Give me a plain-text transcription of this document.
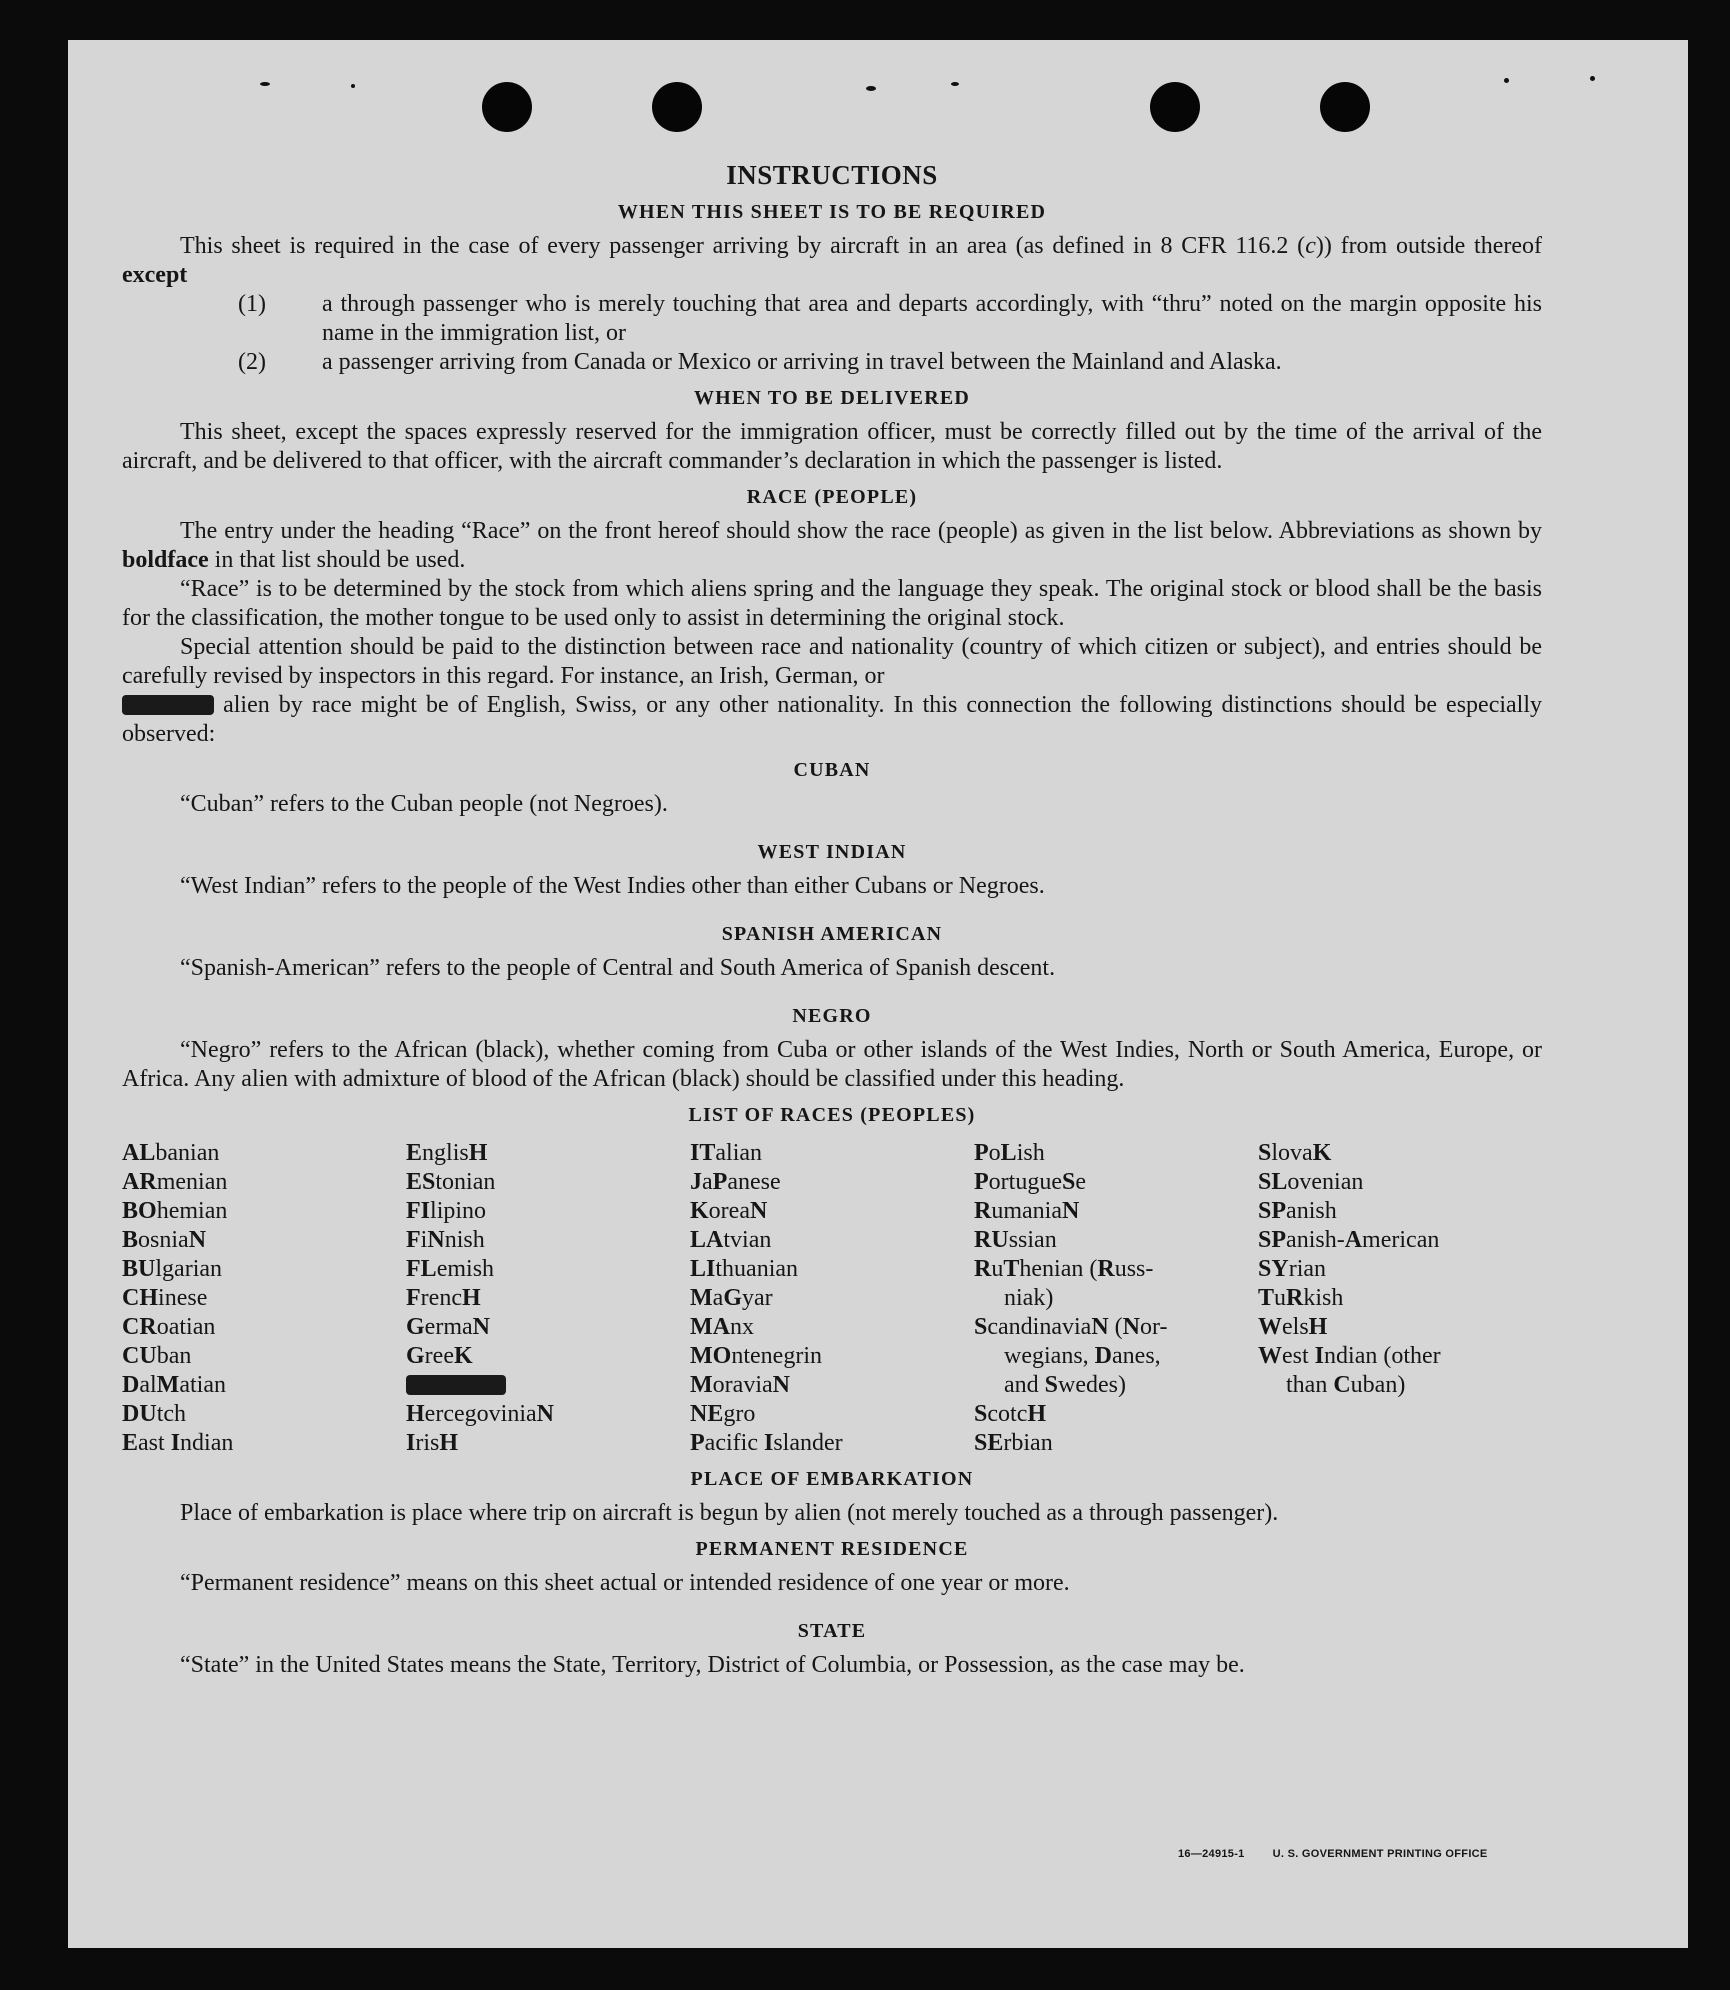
INSTRUCTIONS
WHEN THIS SHEET IS TO BE REQUIRED

This sheet is required in the case of every passenger arriving by aircraft in an area (as defined in 8 CFR 116.2 (c)) from outside thereof except

(1) a through passenger who is merely touching that area and departs accordingly, with “thru” noted on the margin opposite his name in the immigration list, or
(2) a passenger arriving from Canada or Mexico or arriving in travel between the Mainland and Alaska.
WHEN TO BE DELIVERED

This sheet, except the spaces expressly reserved for the immigration officer, must be correctly filled out by the time of the arrival of the aircraft, and be delivered to that officer, with the aircraft commander’s declaration in which the passenger is listed.

RACE (PEOPLE)

The entry under the heading “Race” on the front hereof should show the race (people) as given in the list below. Abbreviations as shown by boldface in that list should be used.

“Race” is to be determined by the stock from which aliens spring and the language they speak. The original stock or blood shall be the basis for the classification, the mother tongue to be used only to assist in determining the original stock.

Special attention should be paid to the distinction between race and nationality (country of which citizen or subject), and entries should be carefully revised by inspectors in this regard. For instance, an Irish, German, or
alien by race might be of English, Swiss, or any other nationality. In this connection the following distinctions should be especially observed:

CUBAN

“Cuban” refers to the Cuban people (not Negroes).

WEST INDIAN

“West Indian” refers to the people of the West Indies other than either Cubans or Negroes.

SPANISH AMERICAN

“Spanish-American” refers to the people of Central and South America of Spanish descent.

NEGRO

“Negro” refers to the African (black), whether coming from Cuba or other islands of the West Indies, North or South America, Europe, or Africa. Any alien with admixture of blood of the African (black) should be classified under this heading.

LIST OF RACES (PEOPLES)
ALbanian
ARmenian
BOhemian
BosniaN
BUlgarian
CHinese
CRoatian
CUban
DalMatian
DUtch
East Indian
EnglisH
EStonian
FIlipino
FiNnish
FLemish
FrencH
GermaN
GreeK
HercegoviniaN
IrisH
ITalian
JaPanese
KoreaN
LAtvian
LIthuanian
MaGyar
MAnx
MOntenegrin
MoraviaN
NEgro
Pacific Islander
PoLish
PortugueSe
RumaniaN
RUssian
RuThenian (Russ-
niak)
ScandinaviaN (Nor-
wegians, Danes,
and Swedes)
ScotcH
SErbian
SlovaK
SLovenian
SPanish
SPanish-American
SYrian
TuRkish
WelsH
West Indian (other
than Cuban)
PLACE OF EMBARKATION

Place of embarkation is place where trip on aircraft is begun by alien (not merely touched as a through passenger).

PERMANENT RESIDENCE

“Permanent residence” means on this sheet actual or intended residence of one year or more.

STATE

“State” in the United States means the State, Territory, District of Columbia, or Possession, as the case may be.

16—24915-1	U. S. GOVERNMENT PRINTING OFFICE
